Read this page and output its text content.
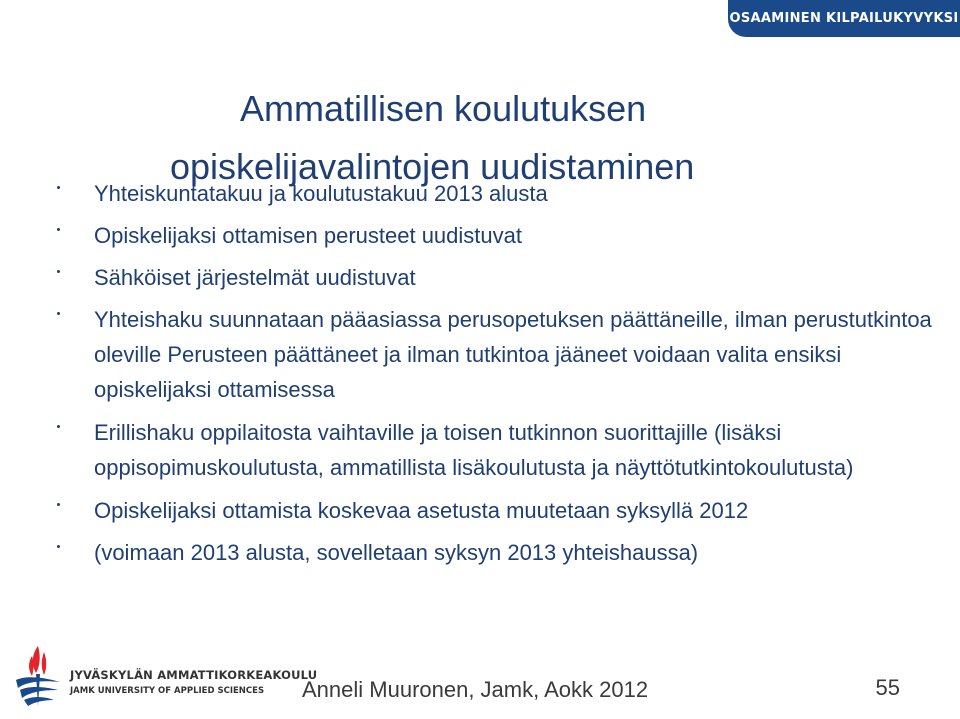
OSAAMINEN KILPAILUKYVYKSI
Ammatillisen koulutuksen
opiskelijavalintojen uudistaminen
Yhteiskuntatakuu ja koulutustakuu 2013 alusta
Opiskelijaksi ottamisen perusteet uudistuvat
Sähköiset järjestelmät uudistuvat
Yhteishaku suunnataan pääasiassa perusopetuksen päättäneille, ilman perustutkintoa oleville Perusteen päättäneet ja ilman tutkintoa jääneet voidaan valita ensiksi opiskelijaksi ottamisessa
Erillishaku oppilaitosta vaihtaville ja toisen tutkinnon suorittajille (lisäksi oppisopimuskoulutusta, ammatillista lisäkoulutusta ja näyttötutkintokoulutusta)
Opiskelijaksi ottamista koskevaa asetusta muutetaan syksyllä 2012
(voimaan 2013 alusta, sovelletaan syksyn 2013 yhteishaussa)
JYVÄSKYLÄN AMMATTIKORKEAKOULU
JAMK UNIVERSITY OF APPLIED SCIENCES Anneli Muuronen, Jamk, Aokk 2012	55
